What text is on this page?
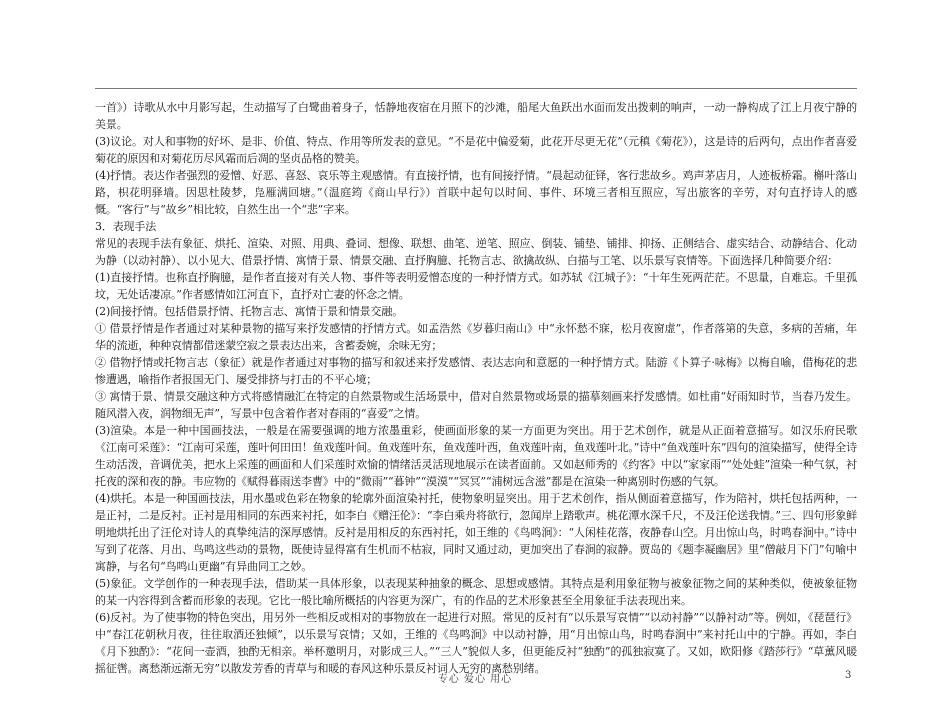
一首》）诗歌从水中月影写起，生动描写了白鹭曲着身子，恬静地夜宿在月照下的沙滩，船尾大鱼跃出水面而发出拨刺的响声，一动一静构成了江上月夜宁静的美景。

(3)议论。对人和事物的好坏、是非、价值、特点、作用等所发表的意见。“不是花中偏爱菊，此花开尽更无花”（元稹《菊花》），这是诗的后两句，点出作者喜爱菊花的原因和对菊花历尽风霜而后凋的坚贞品格的赞美。

(4)抒情。表达作者强烈的爱憎、好恶、喜怒、哀乐等主观感情。有直接抒情，也有间接抒情。“晨起动征铎，客行悲故乡。鸡声茅店月，人迹板桥霜。槲叶落山路，枳花明驿墙。因思杜陵梦，凫雁满回塘。”（温庭筠《商山早行》）首联中起句以时间、事件、环境三者相互照应，写出旅客的辛劳，对句直抒诗人的感慨。“客行”与“故乡”相比较，自然生出一个“悲”字来。

3．表现手法

常见的表现手法有象征、烘托、渲染、对照、用典、叠词、想像、联想、曲笔、逆笔、照应、倒装、铺垫、铺排、抑扬、正侧结合、虚实结合、动静结合、化动为静（以动衬静）、以小见大、借景抒情、寓情于景、情景交融、直抒胸臆、托物言志、欲擒故纵、白描与工笔、以乐景写哀情等。下面选择几种简要介绍：

(1)直接抒情。也称直抒胸臆，是作者直接对有关人物、事件等表明爱憎态度的一种抒情方式。如苏轼《江城子》：“十年生死两茫茫。不思量，自难忘。千里孤坟，无处话凄凉。”作者感情如江河直下，直抒对亡妻的怀念之情。

(2)间接抒情。包括借景抒情、托物言志、寓情于景和情景交融。

① 借景抒情是作者通过对某种景物的描写来抒发感情的抒情方式。如孟浩然《岁暮归南山》中“永怀愁不寐，松月夜窗虚”，作者落第的失意，多病的苦痛，年华的流逝，种种哀情都借迷蒙空寂之景表达出来，含蓄委婉，余味无穷；

② 借物抒情或托物言志（象征）就是作者通过对事物的描写和叙述来抒发感情、表达志向和意愿的一种抒情方式。陆游《卜算子·咏梅》以梅自喻，借梅花的悲惨遭遇，喻指作者报国无门、屡受排挤与打击的不平心境；

③ 寓情于景、情景交融这种方式将感情融汇在特定的自然景物或生活场景中，借对自然景物或场景的描摹刻画来抒发感情。如杜甫“好雨知时节，当春乃发生。随风潜入夜，润物细无声”，写景中包含着作者对春雨的“喜爱”之情。

(3)渲染。本是一种中国画技法，一般是在需要强调的地方浓墨重彩，使画面形象的某一方面更为突出。用于艺术创作，就是从正面着意描写。如汉乐府民歌《江南可采莲》：“江南可采莲，莲叶何田田！鱼戏莲叶间。鱼戏莲叶东，鱼戏莲叶西，鱼戏莲叶南，鱼戏莲叶北。”诗中“鱼戏莲叶东”四句的渲染描写，使得全诗生动活泼，音调优美，把水上采莲的画面和人们采莲时欢愉的情绪活灵活现地展示在读者面前。又如赵师秀的《约客》中以“家家雨”“处处蛙”渲染一种气氛，衬托夜的深和夜的静。韦应物的《赋得暮雨送李曹》中的“微雨”“暮钟”“漠漠”“冥冥”“浦树远含滋”都是在渲染一种离别时伤感的气氛。

(4)烘托。本是一种国画技法，用水墨或色彩在物象的轮廓外面渲染衬托，使物象明显突出。用于艺术创作，指从侧面着意描写，作为陪衬，烘托包括两种，一是正衬，二是反衬。正衬是用相同的东西来衬托，如李白《赠汪伦》：“李白乘舟将欲行，忽闻岸上踏歌声。桃花潭水深千尺，不及汪伦送我情。”三、四句形象鲜明地烘托出了汪伦对诗人的真挚纯洁的深厚感情。反衬是用相反的东西衬托，如王维的《鸟鸣涧》：“人闲桂花落，夜静春山空。月出惊山鸟，时鸣春涧中。”诗中写到了花落、月出、鸟鸣这些动的景物，既使诗显得富有生机而不枯寂，同时又通过动，更加突出了春涧的寂静。贾岛的《题李凝幽居》里“僧敲月下门”句喻中寓静，与名句“鸟鸣山更幽”有异曲同工之妙。

(5)象征。文学创作的一种表现手法，借助某一具体形象，以表现某种抽象的概念、思想或感情。其特点是利用象征物与被象征物之间的某种类似，使被象征物的某一内容得到含蓄而形象的表现。它比一般比喻所概括的内容更为深广，有的作品的艺术形象甚至全用象征手法表现出来。

(6)反衬。为了使事物的特色突出，用另外一些相反或相对的事物放在一起进行对照。常见的反衬有“以乐景写哀情”“以动衬静”“以静衬动”等。例如，《琵琶行》中“春江花朝秋月夜，往往取酒还独倾”，以乐景写哀情；又如，王维的《鸟鸣涧》中以动衬静，用“月出惊山鸟，时鸣春涧中”来衬托山中的宁静。再如，李白《月下独酌》：“花间一壶酒，独酌无相亲。举杯邀明月，对影成三人。”“三人”貌似人多，但更能反衬“独酌”的孤独寂寞了。又如，欧阳修《踏莎行》“草薰风暖摇征辔。离愁渐远渐无穷”以散发芳香的青草与和暖的春风这种乐景反衬词人无穷的离愁别绪。

专心 爱心 用心	3
